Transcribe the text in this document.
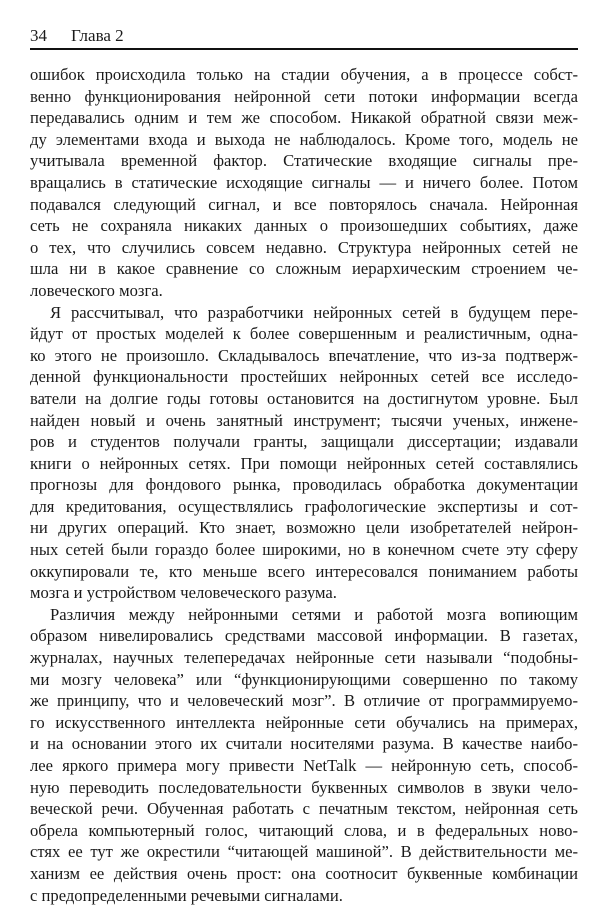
34 Глава 2
ошибок происходила только на стадии обучения, а в процессе собст-
венно функционирования нейронной сети потоки информации всегда
передавались одним и тем же способом. Никакой обратной связи меж-
ду элементами входа и выхода не наблюдалось. Кроме того, модель не
учитывала временной фактор. Статические входящие сигналы пре-
вращались в статические исходящие сигналы — и ничего более. Потом
подавался следующий сигнал, и все повторялось сначала. Нейронная
сеть не сохраняла никаких данных о произошедших событиях, даже
о тех, что случились совсем недавно. Структура нейронных сетей не
шла ни в какое сравнение со сложным иерархическим строением че-
ловеческого мозга.
Я рассчитывал, что разработчики нейронных сетей в будущем пере-
йдут от простых моделей к более совершенным и реалистичным, одна-
ко этого не произошло. Складывалось впечатление, что из-за подтверж-
денной функциональности простейших нейронных сетей все исследо-
ватели на долгие годы готовы остановится на достигнутом уровне. Был
найден новый и очень занятный инструмент; тысячи ученых, инжене-
ров и студентов получали гранты, защищали диссертации; издавали
книги о нейронных сетях. При помощи нейронных сетей составлялись
прогнозы для фондового рынка, проводилась обработка документации
для кредитования, осуществлялись графологические экспертизы и сот-
ни других операций. Кто знает, возможно цели изобретателей нейрон-
ных сетей были гораздо более широкими, но в конечном счете эту сферу
оккупировали те, кто меньше всего интересовался пониманием работы
мозга и устройством человеческого разума.
Различия между нейронными сетями и работой мозга вопиющим
образом нивелировались средствами массовой информации. В газетах,
журналах, научных телепередачах нейронные сети называли “подобны-
ми мозгу человека” или “функционирующими совершенно по такому
же принципу, что и человеческий мозг”. В отличие от программируемо-
го искусственного интеллекта нейронные сети обучались на примерах,
и на основании этого их считали носителями разума. В качестве наибо-
лее яркого примера могу привести NetTalk — нейронную сеть, способ-
ную переводить последовательности буквенных символов в звуки чело-
веческой речи. Обученная работать с печатным текстом, нейронная сеть
обрела компьютерный голос, читающий слова, и в федеральных ново-
стях ее тут же окрестили “читающей машиной”. В действительности ме-
ханизм ее действия очень прост: она соотносит буквенные комбинации
с предопределенными речевыми сигналами.
